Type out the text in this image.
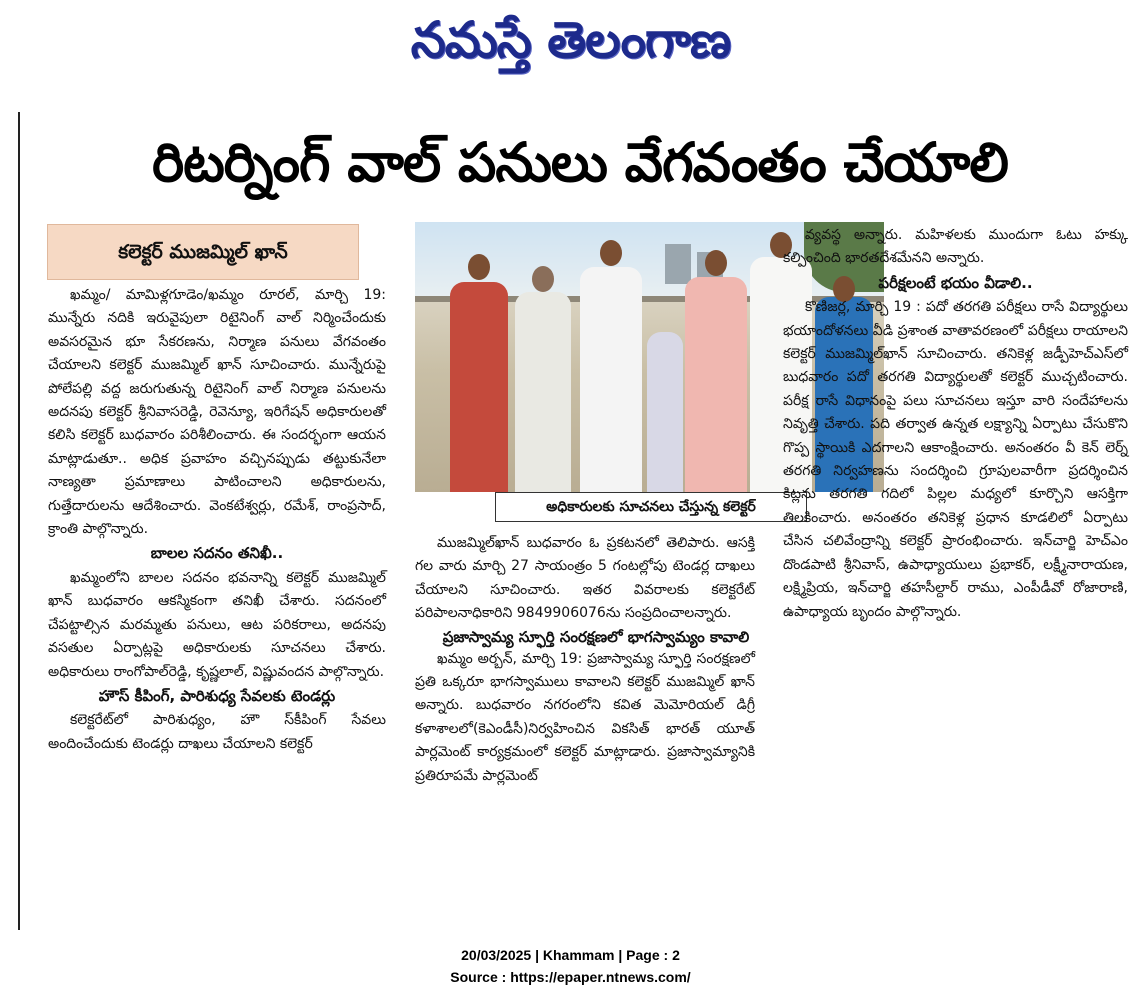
నమస్తే తెలంగాణ
రిటర్నింగ్ వాల్ పనులు వేగవంతం చేయాలి
కలెక్టర్ ముజమ్మిల్ ఖాన్
అధికారులకు సూచనలు చేస్తున్న కలెక్టర్

ఖమ్మం/ మామిళ్లగూడెం/ఖమ్మం రూరల్, మార్చి 19: మున్నేరు నదికి ఇరువైపులా రిటైనింగ్ వాల్ నిర్మించేందుకు అవసరమైన భూ సేకరణను, నిర్మాణ పనులు వేగవంతం చేయాలని కలెక్టర్ ముజమ్మిల్ ఖాన్ సూచించారు. మున్నేరుపై పోలేపల్లి వద్ద జరుగుతున్న రిటైనింగ్ వాల్ నిర్మాణ పనులను అదనపు కలెక్టర్ శ్రీనివాసరెడ్డి, రెవెన్యూ, ఇరిగేషన్ అధికారులతో కలిసి కలెక్టర్ బుధవారం పరిశీలించారు. ఈ సందర్భంగా ఆయన మాట్లాడుతూ.. అధిక ప్రవాహం వచ్చినప్పుడు తట్టుకునేలా నాణ్యతా ప్రమాణాలు పాటించాలని అధికారులను, గుత్తేదారులను ఆదేశించారు. వెంకటేశ్వర్లు, రమేశ్, రాంప్రసాద్, క్రాంతి పాల్గొన్నారు.

బాలల సదనం తనిఖీ..

ఖమ్మంలోని బాలల సదనం భవనాన్ని కలెక్టర్ ముజమ్మిల్ ఖాన్ బుధవారం ఆకస్మికంగా తనిఖీ చేశారు. సదనంలో చేపట్టాల్సిన మరమ్మతు పనులు, ఆట పరికరాలు, అదనపు వసతుల ఏర్పాట్లపై అధికారులకు సూచనలు చేశారు. అధికారులు రాంగోపాల్‌రెడ్డి, కృష్ణలాల్, విష్ణువందన పాల్గొన్నారు.

హౌస్ కీపింగ్, పారిశుధ్య సేవలకు టెండర్లు

కలెక్టరేట్‌లో పారిశుధ్యం, హౌ స్‌కీపింగ్ సేవలు అందించేందుకు టెండర్లు దాఖలు చేయాలని కలెక్టర్

ముజమ్మిల్‌ఖాన్ బుధవారం ఓ ప్రకటనలో తెలిపారు. ఆసక్తి గల వారు మార్చి 27 సాయంత్రం 5 గంటల్లోపు టెండర్ల దాఖలు చేయాలని సూచించారు. ఇతర వివరాలకు కలెక్టరేట్ పరిపాలనాధికారిని 9849906076ను సంప్రదించాలన్నారు.

ప్రజాస్వామ్య స్ఫూర్తి సంరక్షణలో భాగస్వామ్యం కావాలి

ఖమ్మం అర్బన్, మార్చి 19: ప్రజాస్వామ్య స్ఫూర్తి సంరక్షణలో ప్రతి ఒక్కరూ భాగస్వాములు కావాలని కలెక్టర్ ముజమ్మిల్ ఖాన్ అన్నారు. బుధవారం నగరంలోని కవిత మెమోరియల్ డిగ్రీ కళాశాలలో(కెఎండీసీ)నిర్వహించిన వికసిత్ భారత్ యూత్ పార్లమెంట్ కార్యక్రమంలో కలెక్టర్ మాట్లాడారు. ప్రజాస్వామ్యానికి ప్రతిరూపమే పార్లమెంట్

వ్యవస్థ అన్నారు. మహిళలకు ముందుగా ఓటు హక్కు కల్పించింది భారతదేశమేనని అన్నారు.

పరీక్షలంటే భయం వీడాలి..

కొణిజర్ల, మార్చి 19 : పదో తరగతి పరీక్షలు రాసే విద్యార్థులు భయాందోళనలు వీడి ప్రశాంత వాతావరణంలో పరీక్షలు రాయాలని కలెక్టర్ ముజమ్మిల్‌ఖాన్ సూచించారు. తనికెళ్ల జడ్పీహెచ్ఎస్‌లో బుధవారం పదో తరగతి విద్యార్థులతో కలెక్టర్ ముచ్చటించారు. పరీక్ష రాసే విధానంపై పలు సూచనలు ఇస్తూ వారి సందేహాలను నివృత్తి చేశారు. పది తర్వాత ఉన్నత లక్ష్యాన్ని ఏర్పాటు చేసుకొని గొప్ప స్థాయికి ఎదగాలని ఆకాంక్షించారు. అనంతరం వీ కెన్ లెర్న్ తరగతి నిర్వహణను సందర్శించి గ్రూపులవారీగా ప్రదర్శించిన కిట్లను తరగతి గదిలో పిల్లల మధ్యలో కూర్చొని ఆసక్తిగా తిలకించారు. అనంతరం తనికెళ్ల ప్రధాన కూడలిలో ఏర్పాటు చేసిన చలివేంద్రాన్ని కలెక్టర్ ప్రారంభించారు. ఇన్‌చార్జి హెచ్‌ఎం దొండపాటి శ్రీనివాస్, ఉపాధ్యాయులు ప్రభాకర్, లక్ష్మీనారాయణ, లక్ష్మిప్రియ, ఇన్‌చార్జి తహసీల్దార్ రాము, ఎంపీడీవో రోజారాణి, ఉపాధ్యాయ బృందం పాల్గొన్నారు.

20/03/2025 | Khammam | Page : 2
Source : https://epaper.ntnews.com/
